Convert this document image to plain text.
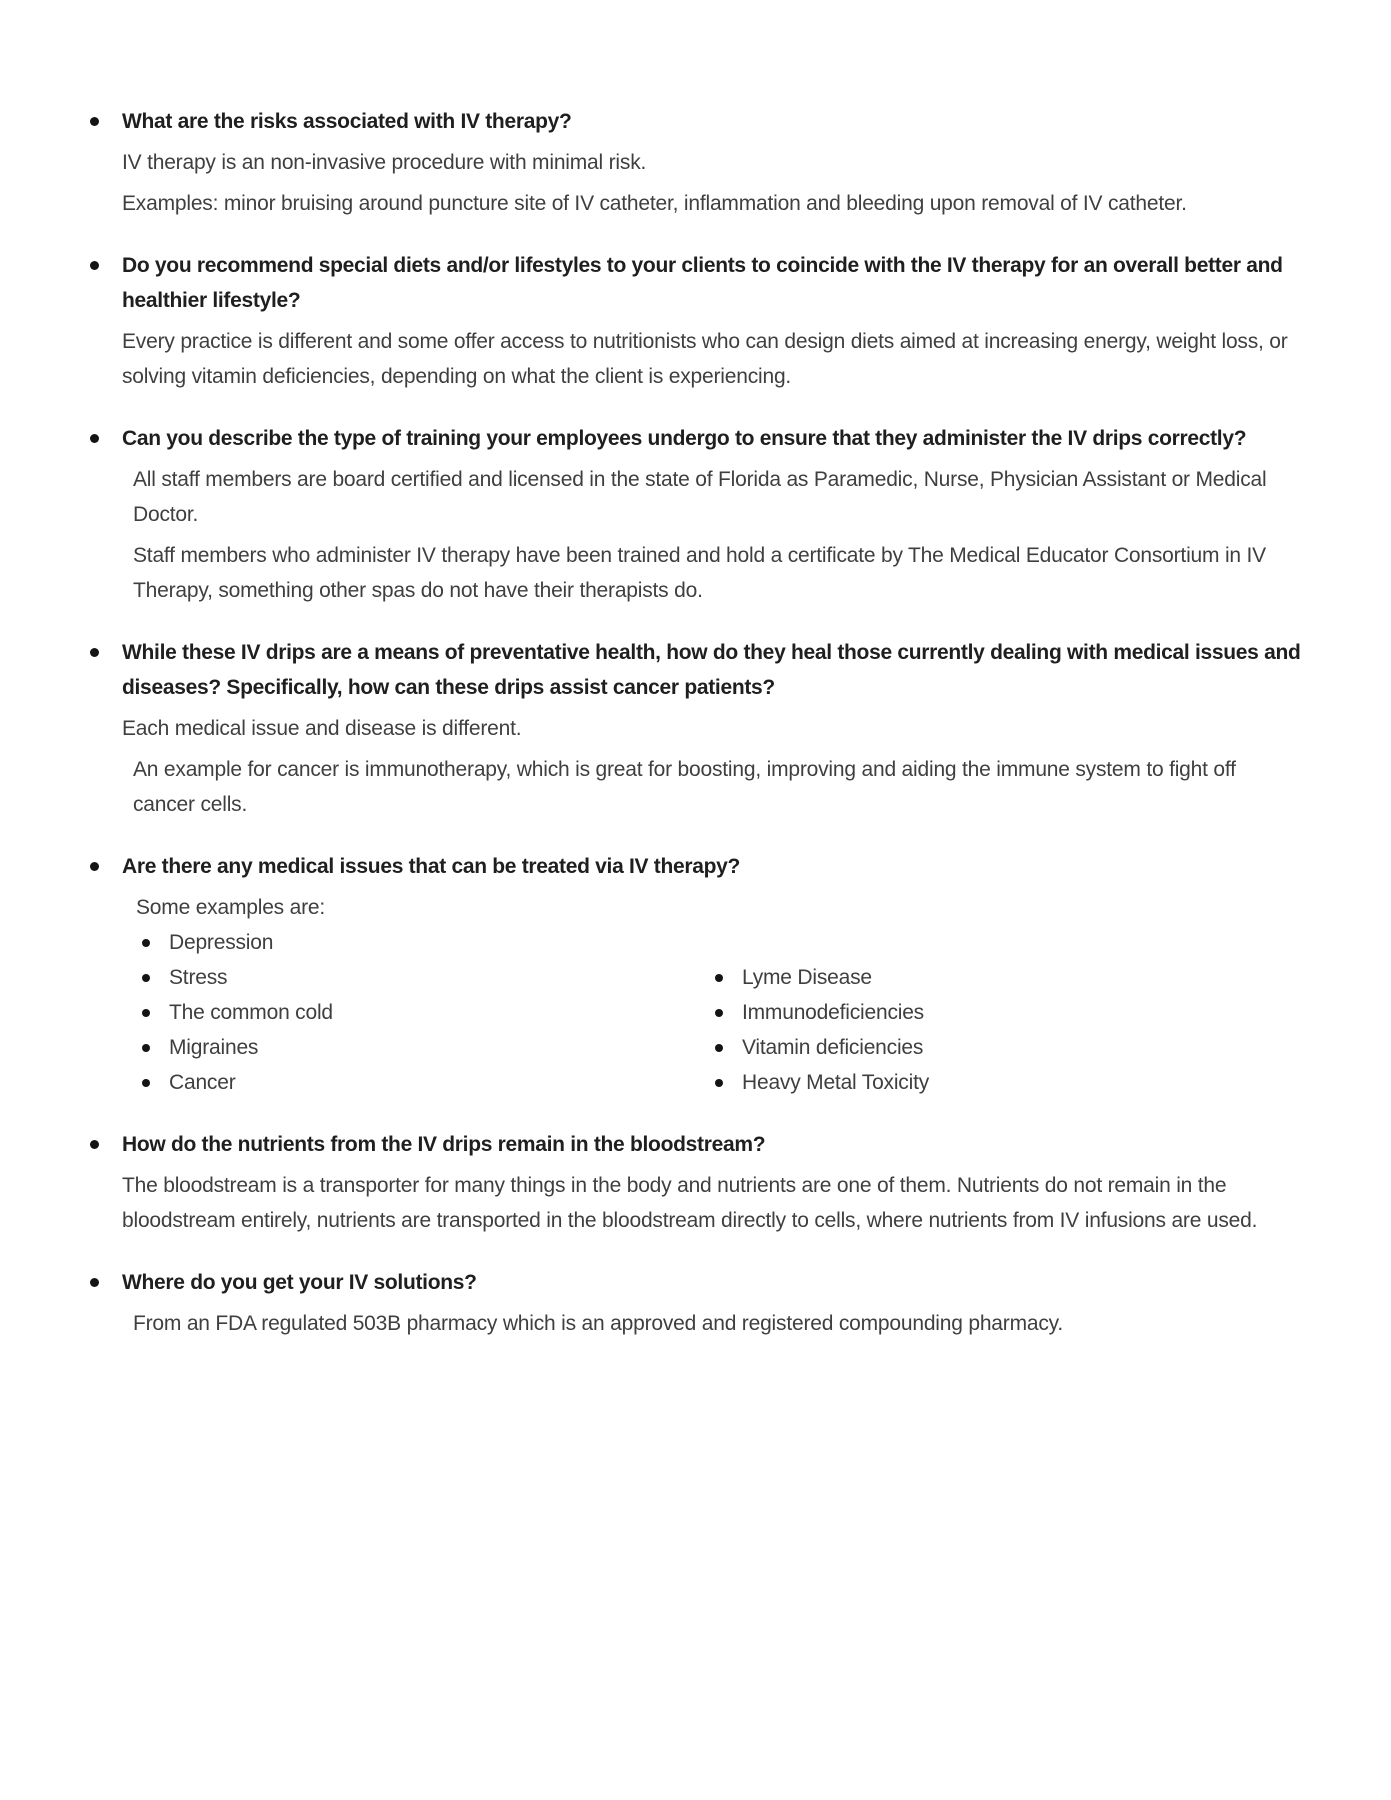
What are the risks associated with IV therapy?

IV therapy is an non-invasive procedure with minimal risk.

Examples: minor bruising around puncture site of IV catheter, inflammation and bleeding upon removal of IV catheter.

Do you recommend special diets and/or lifestyles to your clients to coincide with the IV therapy for an overall better and healthier lifestyle?

Every practice is different and some offer access to nutritionists who can design diets aimed at increasing energy, weight loss, or solving vitamin deficiencies, depending on what the client is experiencing.

Can you describe the type of training your employees undergo to ensure that they administer the IV drips correctly?

All staff members are board certified and licensed in the state of Florida as Paramedic, Nurse, Physician Assistant or Medical Doctor.

Staff members who administer IV therapy have been trained and hold a certificate by The Medical Educator Consortium in IV Therapy, something other spas do not have their therapists do.

While these IV drips are a means of preventative health, how do they heal those currently dealing with medical issues and diseases? Specifically, how can these drips assist cancer patients?

Each medical issue and disease is different.

An example for cancer is immunotherapy, which is great for boosting, improving and aiding the immune system to fight off cancer cells.

Are there any medical issues that can be treated via IV therapy?

Some examples are:

Depression
Stress
The common cold
Migraines
Cancer
Lyme Disease
Immunodeficiencies
Vitamin deficiencies
Heavy Metal Toxicity

How do the nutrients from the IV drips remain in the bloodstream?

The bloodstream is a transporter for many things in the body and nutrients are one of them. Nutrients do not remain in the bloodstream entirely, nutrients are transported in the bloodstream directly to cells, where nutrients from IV infusions are used.

Where do you get your IV solutions?

From an FDA regulated 503B pharmacy which is an approved and registered compounding pharmacy.
